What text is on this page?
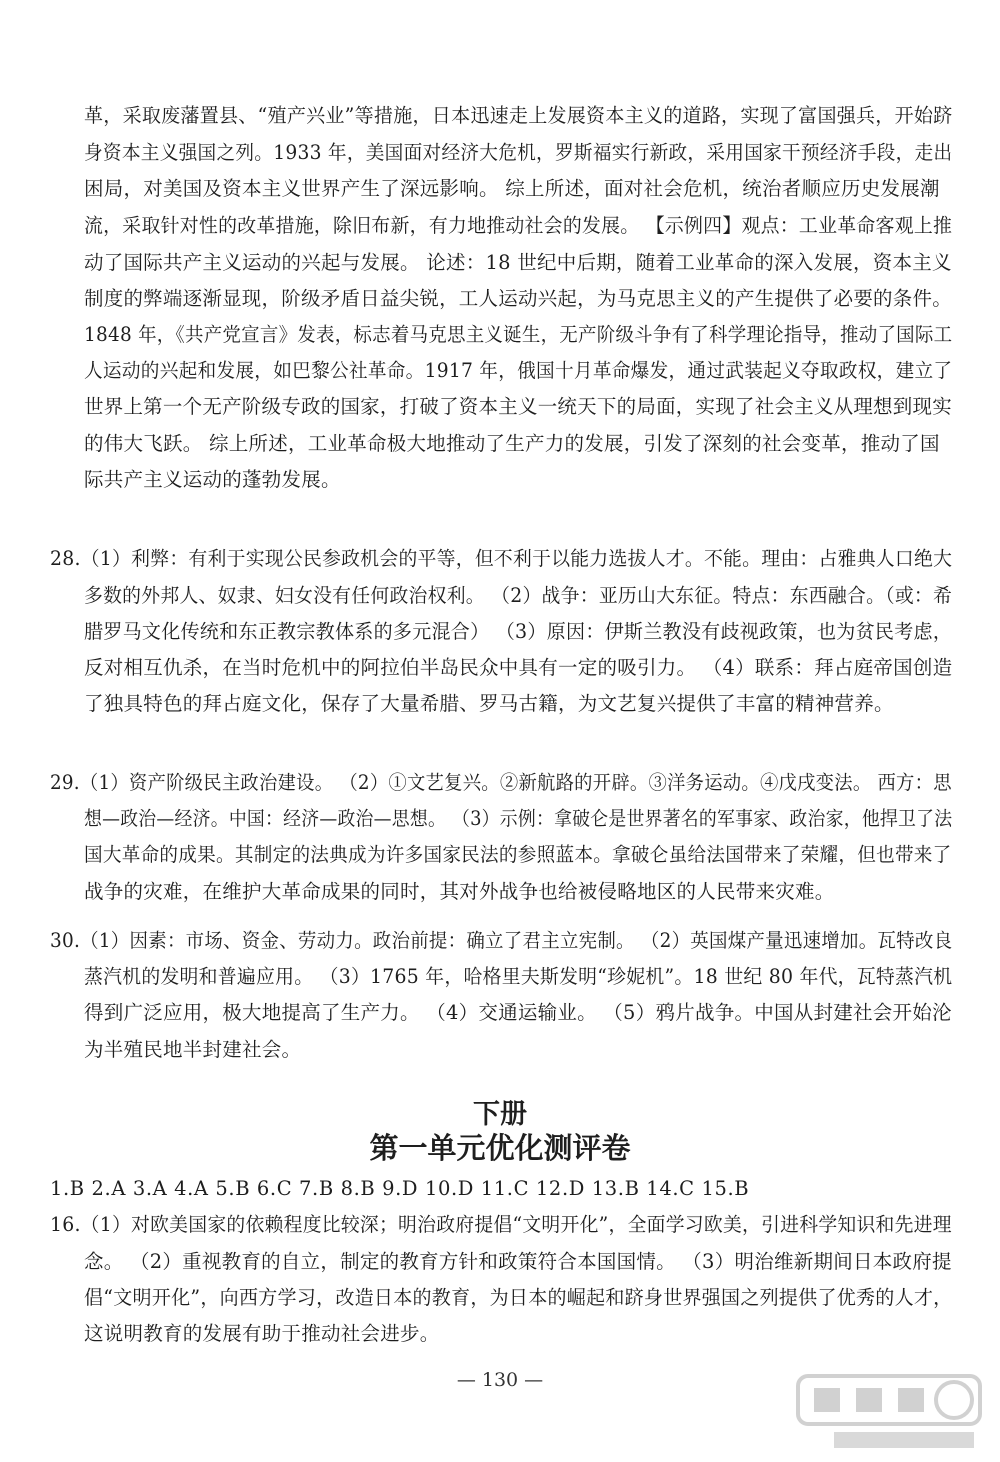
革，采取废藩置县、“殖产兴业”等措施，日本迅速走上发展资本主义的道路，实现了富国强兵，开始跻
身资本主义强国之列。1933 年，美国面对经济大危机，罗斯福实行新政，采用国家干预经济手段，走出
困局，对美国及资本主义世界产生了深远影响。 综上所述，面对社会危机，统治者顺应历史发展潮
流，采取针对性的改革措施，除旧布新，有力地推动社会的发展。 【示例四】观点：工业革命客观上推
动了国际共产主义运动的兴起与发展。 论述：18 世纪中后期，随着工业革命的深入发展，资本主义
制度的弊端逐渐显现，阶级矛盾日益尖锐，工人运动兴起，为马克思主义的产生提供了必要的条件。
1848 年，《共产党宣言》发表，标志着马克思主义诞生，无产阶级斗争有了科学理论指导，推动了国际工
人运动的兴起和发展，如巴黎公社革命。1917 年，俄国十月革命爆发，通过武装起义夺取政权，建立了
世界上第一个无产阶级专政的国家，打破了资本主义一统天下的局面，实现了社会主义从理想到现实
的伟大飞跃。 综上所述，工业革命极大地推动了生产力的发展，引发了深刻的社会变革，推动了国
际共产主义运动的蓬勃发展。
28.（1）利弊：有利于实现公民参政机会的平等，但不利于以能力选拔人才。不能。理由：占雅典人口绝大
多数的外邦人、奴隶、妇女没有任何政治权利。 （2）战争：亚历山大东征。特点：东西融合。（或：希
腊罗马文化传统和东正教宗教体系的多元混合） （3）原因：伊斯兰教没有歧视政策，也为贫民考虑，
反对相互仇杀，在当时危机中的阿拉伯半岛民众中具有一定的吸引力。 （4）联系：拜占庭帝国创造
了独具特色的拜占庭文化，保存了大量希腊、罗马古籍，为文艺复兴提供了丰富的精神营养。
29.（1）资产阶级民主政治建设。 （2）①文艺复兴。②新航路的开辟。③洋务运动。④戊戌变法。 西方：思
想—政治—经济。中国：经济—政治—思想。 （3）示例：拿破仑是世界著名的军事家、政治家，他捍卫了法
国大革命的成果。其制定的法典成为许多国家民法的参照蓝本。拿破仑虽给法国带来了荣耀，但也带来了
战争的灾难，在维护大革命成果的同时，其对外战争也给被侵略地区的人民带来灾难。
30.（1）因素：市场、资金、劳动力。政治前提：确立了君主立宪制。 （2）英国煤产量迅速增加。瓦特改良
蒸汽机的发明和普遍应用。 （3）1765 年，哈格里夫斯发明“珍妮机”。18 世纪 80 年代，瓦特蒸汽机
得到广泛应用，极大地提高了生产力。 （4）交通运输业。 （5）鸦片战争。中国从封建社会开始沦
为半殖民地半封建社会。
下册
第一单元优化测评卷
1.B 2.A 3.A 4.A 5.B 6.C 7.B 8.B 9.D 10.D 11.C 12.D 13.B 14.C 15.B
16.（1）对欧美国家的依赖程度比较深；明治政府提倡“文明开化”，全面学习欧美，引进科学知识和先进理
念。 （2）重视教育的自立，制定的教育方针和政策符合本国国情。 （3）明治维新期间日本政府提
倡“文明开化”，向西方学习，改造日本的教育，为日本的崛起和跻身世界强国之列提供了优秀的人才，
这说明教育的发展有助于推动社会进步。
— 130 —
